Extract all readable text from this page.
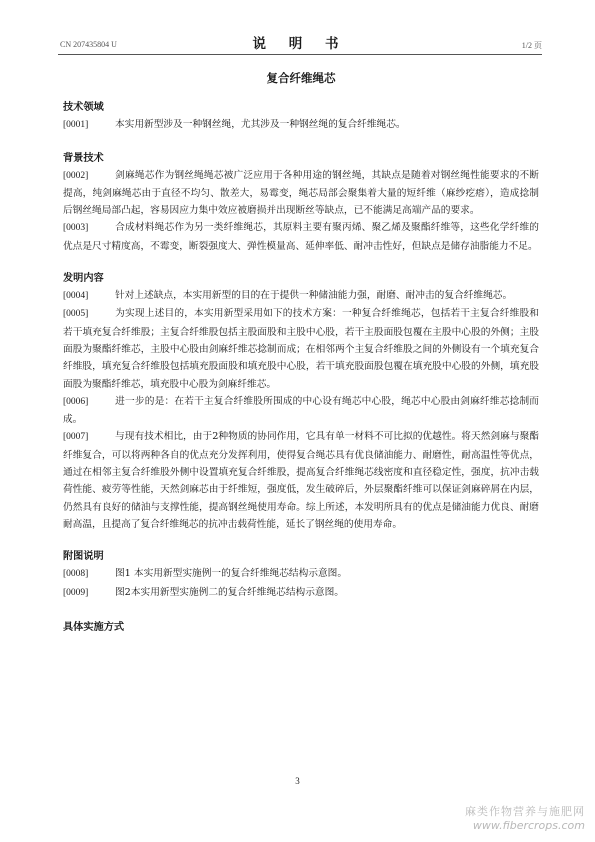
CN 207435804 U	说 明 书	1/2 页
复合纤维绳芯
技术领域

[0001]	本实用新型涉及一种钢丝绳，尤其涉及一种钢丝绳的复合纤维绳芯。

背景技术

[0002]	剑麻绳芯作为钢丝绳绳芯被广泛应用于各种用途的钢丝绳，其缺点是随着对钢丝绳性能要求的不断提高，纯剑麻绳芯由于直径不均匀、散差大，易霉变，绳芯局部会聚集着大量的短纤维（麻纱疙瘩），造成捻制后钢丝绳局部凸起，容易因应力集中效应被磨损并出现断丝等缺点，已不能满足高端产品的要求。

[0003]	合成材料绳芯作为另一类纤维绳芯，其原料主要有聚丙烯、聚乙烯及聚酯纤维等，这些化学纤维的优点是尺寸精度高，不霉变，断裂强度大、弹性模量高、延伸率低、耐冲击性好，但缺点是储存油脂能力不足。

发明内容

[0004]	针对上述缺点，本实用新型的目的在于提供一种储油能力强，耐磨、耐冲击的复合纤维绳芯。

[0005]	为实现上述目的，本实用新型采用如下的技术方案：一种复合纤维绳芯，包括若干主复合纤维股和若干填充复合纤维股；主复合纤维股包括主股面股和主股中心股，若干主股面股包覆在主股中心股的外侧；主股面股为聚酯纤维芯，主股中心股由剑麻纤维芯捻制而成；在相邻两个主复合纤维股之间的外侧设有一个填充复合纤维股，填充复合纤维股包括填充股面股和填充股中心股，若干填充股面股包覆在填充股中心股的外侧，填充股面股为聚酯纤维芯，填充股中心股为剑麻纤维芯。

[0006]	进一步的是：在若干主复合纤维股所围成的中心设有绳芯中心股，绳芯中心股由剑麻纤维芯捻制而成。

[0007]	与现有技术相比，由于2种物质的协同作用，它具有单一材料不可比拟的优越性。将天然剑麻与聚酯纤维复合，可以将两种各自的优点充分发挥利用，使得复合绳芯具有优良储油能力、耐磨性，耐高温性等优点，通过在相邻主复合纤维股外侧中设置填充复合纤维股，提高复合纤维绳芯线密度和直径稳定性，强度，抗冲击载荷性能、疲劳等性能，天然剑麻芯由于纤维短，强度低，发生破碎后，外层聚酯纤维可以保证剑麻碎屑在内层，仍然具有良好的储油与支撑性能，提高钢丝绳使用寿命。综上所述，本发明所具有的优点是储油能力优良、耐磨耐高温，且提高了复合纤维绳芯的抗冲击载荷性能，延长了钢丝绳的使用寿命。

附图说明

[0008]	图1 本实用新型实施例一的复合纤维绳芯结构示意图。

[0009]	图2本实用新型实施例二的复合纤维绳芯结构示意图。

具体实施方式
3
麻类作物营养与施肥网
www.fibercrops.com
